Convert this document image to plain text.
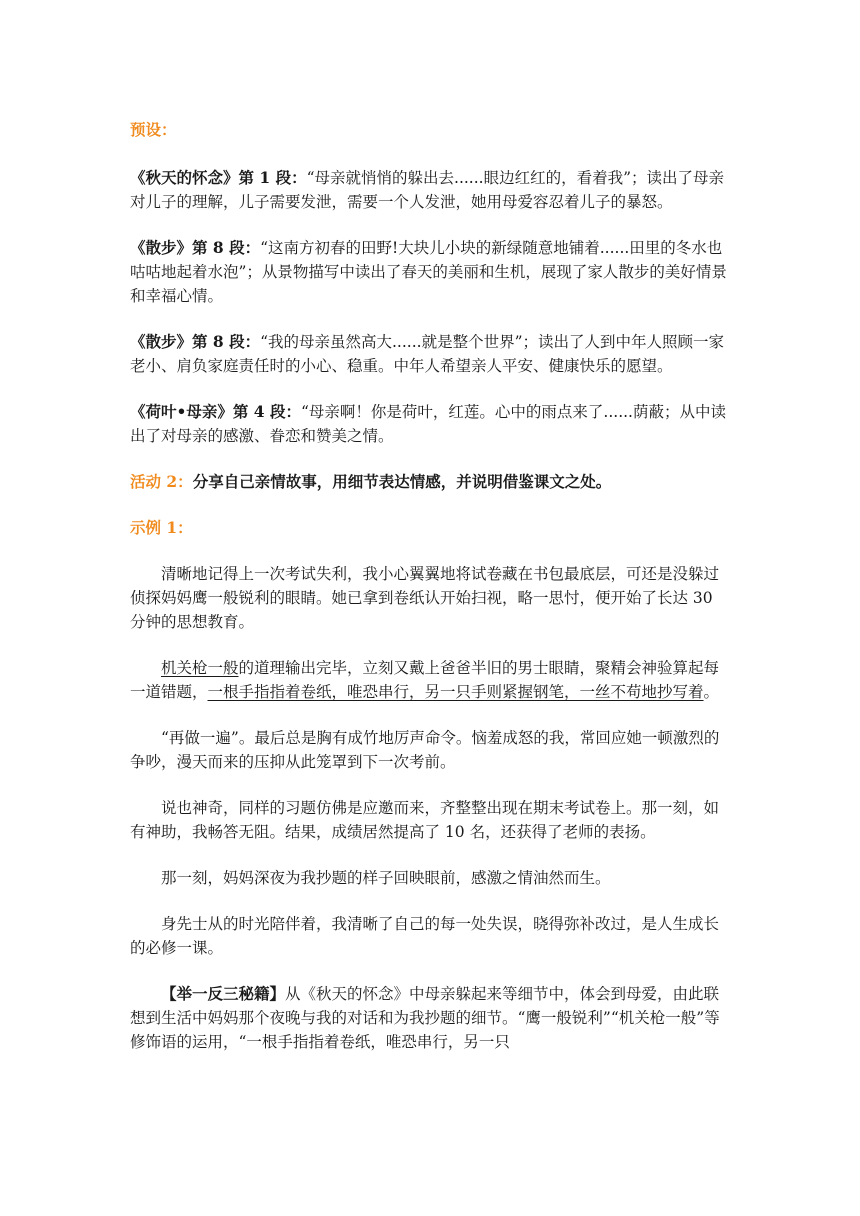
预设：

《秋天的怀念》第 1 段：“母亲就悄悄的躲出去......眼边红红的，看着我”；读出了母亲对儿子的理解，儿子需要发泄，需要一个人发泄，她用母爱容忍着儿子的暴怒。

《散步》第 8 段：“这南方初春的田野!大块儿小块的新绿随意地铺着......田里的冬水也咕咕地起着水泡”；从景物描写中读出了春天的美丽和生机，展现了家人散步的美好情景和幸福心情。

《散步》第 8 段：“我的母亲虽然高大......就是整个世界”；读出了人到中年人照顾一家老小、肩负家庭责任时的小心、稳重。中年人希望亲人平安、健康快乐的愿望。

《荷叶•母亲》第 4 段：“母亲啊！你是荷叶，红莲。心中的雨点来了......荫蔽；从中读出了对母亲的感激、眷恋和赞美之情。

活动 2：分享自己亲情故事，用细节表达情感，并说明借鉴课文之处。

示例 1：

清晰地记得上一次考试失利，我小心翼翼地将试卷藏在书包最底层，可还是没躲过侦探妈妈鹰一般锐利的眼睛。她已拿到卷纸认开始扫视，略一思忖，便开始了长达 30 分钟的思想教育。

机关枪一般的道理输出完毕，立刻又戴上爸爸半旧的男士眼睛，聚精会神验算起每一道错题，一根手指指着卷纸，唯恐串行，另一只手则紧握钢笔，一丝不苟地抄写着。

“再做一遍”。最后总是胸有成竹地厉声命令。恼羞成怒的我，常回应她一顿激烈的争吵，漫天而来的压抑从此笼罩到下一次考前。

说也神奇，同样的习题仿佛是应邀而来，齐整整出现在期末考试卷上。那一刻，如有神助，我畅答无阻。结果，成绩居然提高了 10 名，还获得了老师的表扬。

那一刻，妈妈深夜为我抄题的样子回映眼前，感激之情油然而生。

身先士从的时光陪伴着，我清晰了自己的每一处失误，晓得弥补改过，是人生成长的必修一课。

【举一反三秘籍】从《秋天的怀念》中母亲躲起来等细节中，体会到母爱，由此联想到生活中妈妈那个夜晚与我的对话和为我抄题的细节。“鹰一般锐利”“机关枪一般”等修饰语的运用，“一根手指指着卷纸，唯恐串行，另一只
